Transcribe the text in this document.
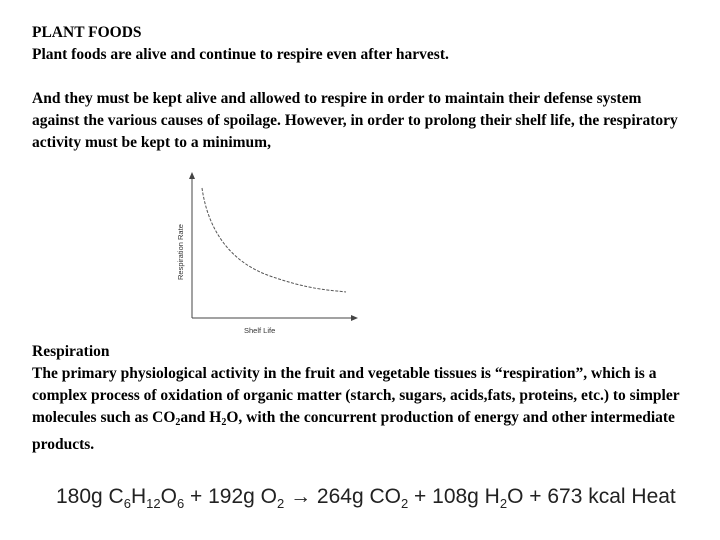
PLANT FOODS
Plant foods are alive and continue to respire even after harvest.
And they must be kept alive and allowed to respire in order to maintain their defense system against the various causes of spoilage. However, in order to prolong their shelf life, the respiratory activity must be kept to a minimum,
Respiration Rate
Shelf Life
Respiration
The primary physiological activity in the fruit and vegetable tissues is “respiration”, which is a complex process of oxidation of organic matter (starch, sugars, acids,fats, proteins, etc.) to simpler molecules such as $CO_2and$ $H_2O$, with the concurrent production of energy and other intermediate products.
180g $C_6H_{12}O_6 + 192g$ $O_2 \to 264g$ $CO_2 + 108g$ $H_2O + 673$ kcal Heat
